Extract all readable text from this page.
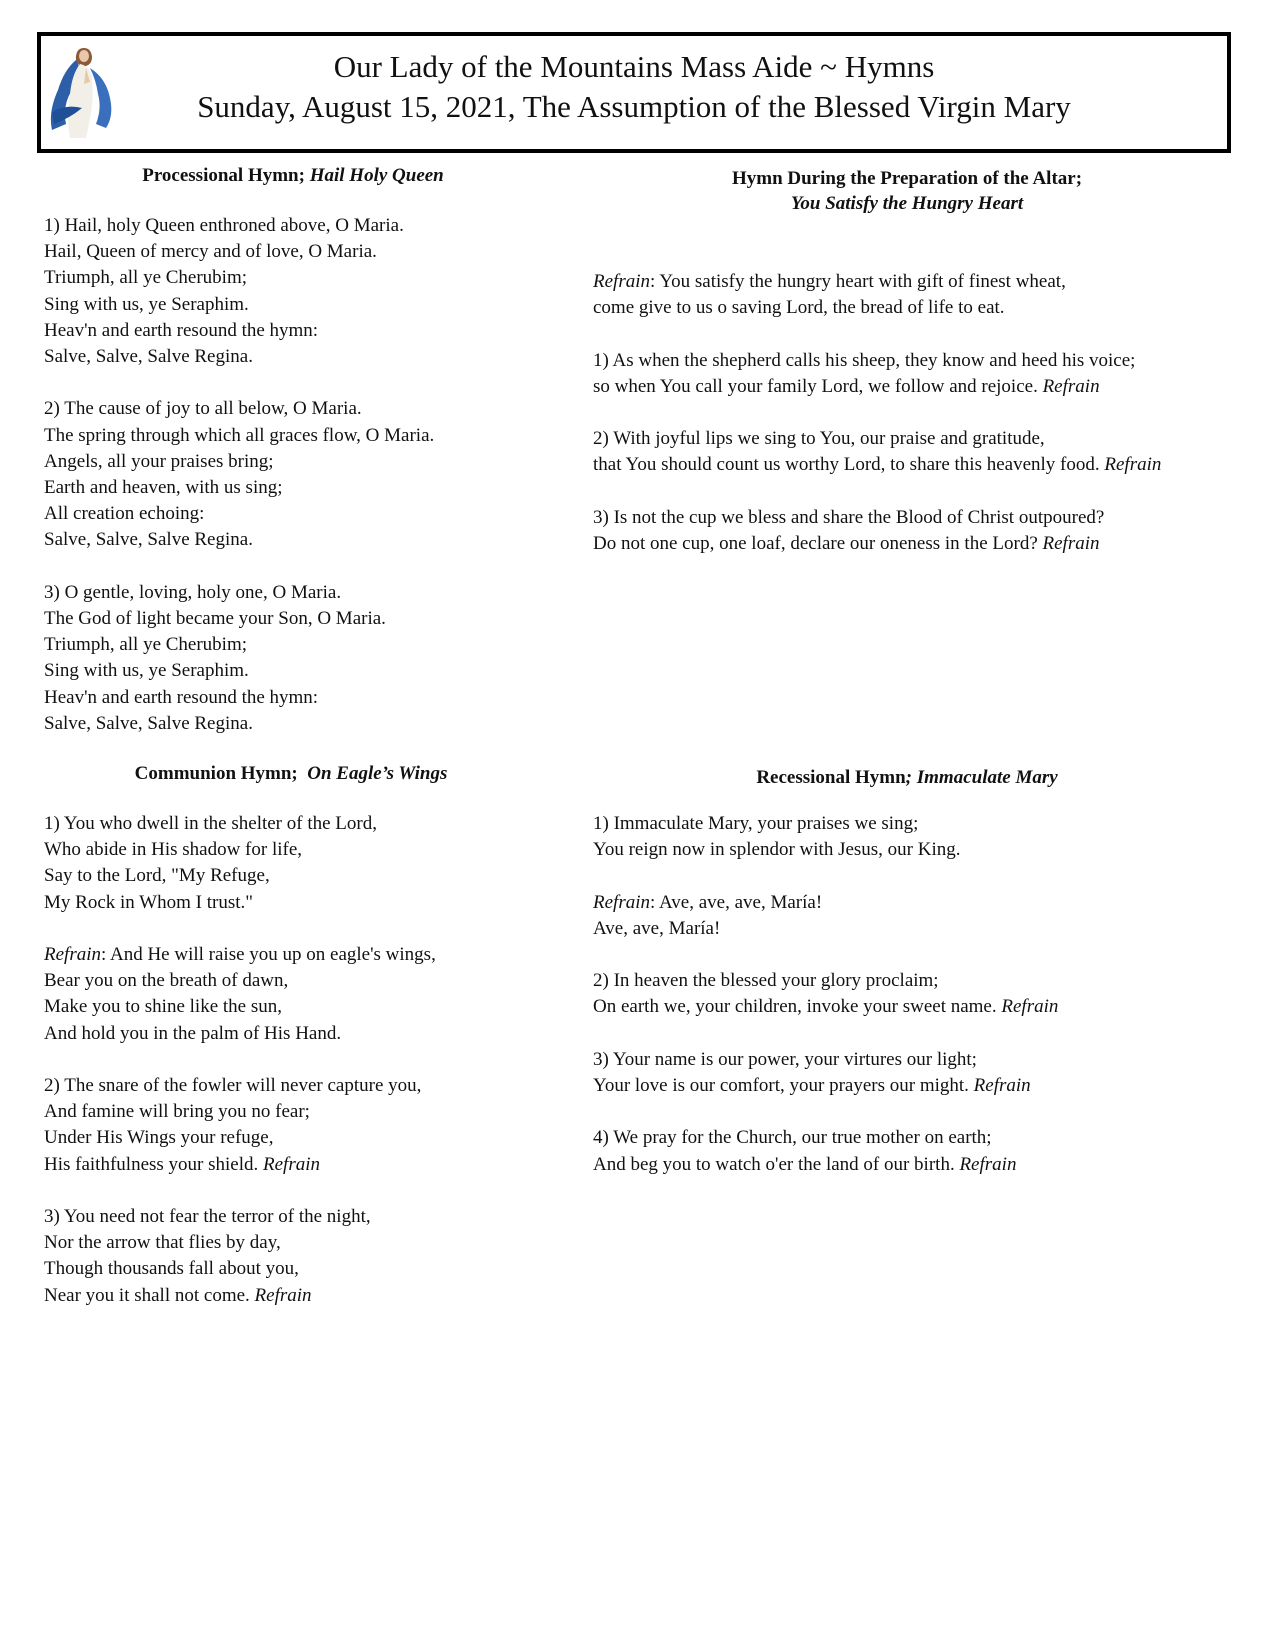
Our Lady of the Mountains Mass Aide ~ Hymns
Sunday, August 15, 2021, The Assumption of the Blessed Virgin Mary
Processional Hymn; Hail Holy Queen
1) Hail, holy Queen enthroned above, O Maria.
Hail, Queen of mercy and of love, O Maria.
Triumph, all ye Cherubim;
Sing with us, ye Seraphim.
Heav'n and earth resound the hymn:
Salve, Salve, Salve Regina.
2) The cause of joy to all below, O Maria.
The spring through which all graces flow, O Maria.
Angels, all your praises bring;
Earth and heaven, with us sing;
All creation echoing:
Salve, Salve, Salve Regina.
3) O gentle, loving, holy one, O Maria.
The God of light became your Son, O Maria.
Triumph, all ye Cherubim;
Sing with us, ye Seraphim.
Heav'n and earth resound the hymn:
Salve, Salve, Salve Regina.
Hymn During the Preparation of the Altar;
You Satisfy the Hungry Heart
Refrain: You satisfy the hungry heart with gift of finest wheat,
come give to us o saving Lord, the bread of life to eat.
1) As when the shepherd calls his sheep, they know and heed his voice;
so when You call your family Lord, we follow and rejoice. Refrain
2) With joyful lips we sing to You, our praise and gratitude,
that You should count us worthy Lord, to share this heavenly food. Refrain
3) Is not the cup we bless and share the Blood of Christ outpoured?
Do not one cup, one loaf, declare our oneness in the Lord? Refrain
Communion Hymn;  On Eagle’s Wings
1) You who dwell in the shelter of the Lord,
Who abide in His shadow for life,
Say to the Lord, "My Refuge,
My Rock in Whom I trust."
Refrain: And He will raise you up on eagle's wings,
Bear you on the breath of dawn,
Make you to shine like the sun,
And hold you in the palm of His Hand.
2) The snare of the fowler will never capture you,
And famine will bring you no fear;
Under His Wings your refuge,
His faithfulness your shield. Refrain
3) You need not fear the terror of the night,
Nor the arrow that flies by day,
Though thousands fall about you,
Near you it shall not come. Refrain
Recessional Hymn; Immaculate Mary
1) Immaculate Mary, your praises we sing;
You reign now in splendor with Jesus, our King.
Refrain: Ave, ave, ave, María!
Ave, ave, María!
2) In heaven the blessed your glory proclaim;
On earth we, your children, invoke your sweet name. Refrain
3) Your name is our power, your virtures our light;
Your love is our comfort, your prayers our might. Refrain
4) We pray for the Church, our true mother on earth;
And beg you to watch o'er the land of our birth. Refrain
